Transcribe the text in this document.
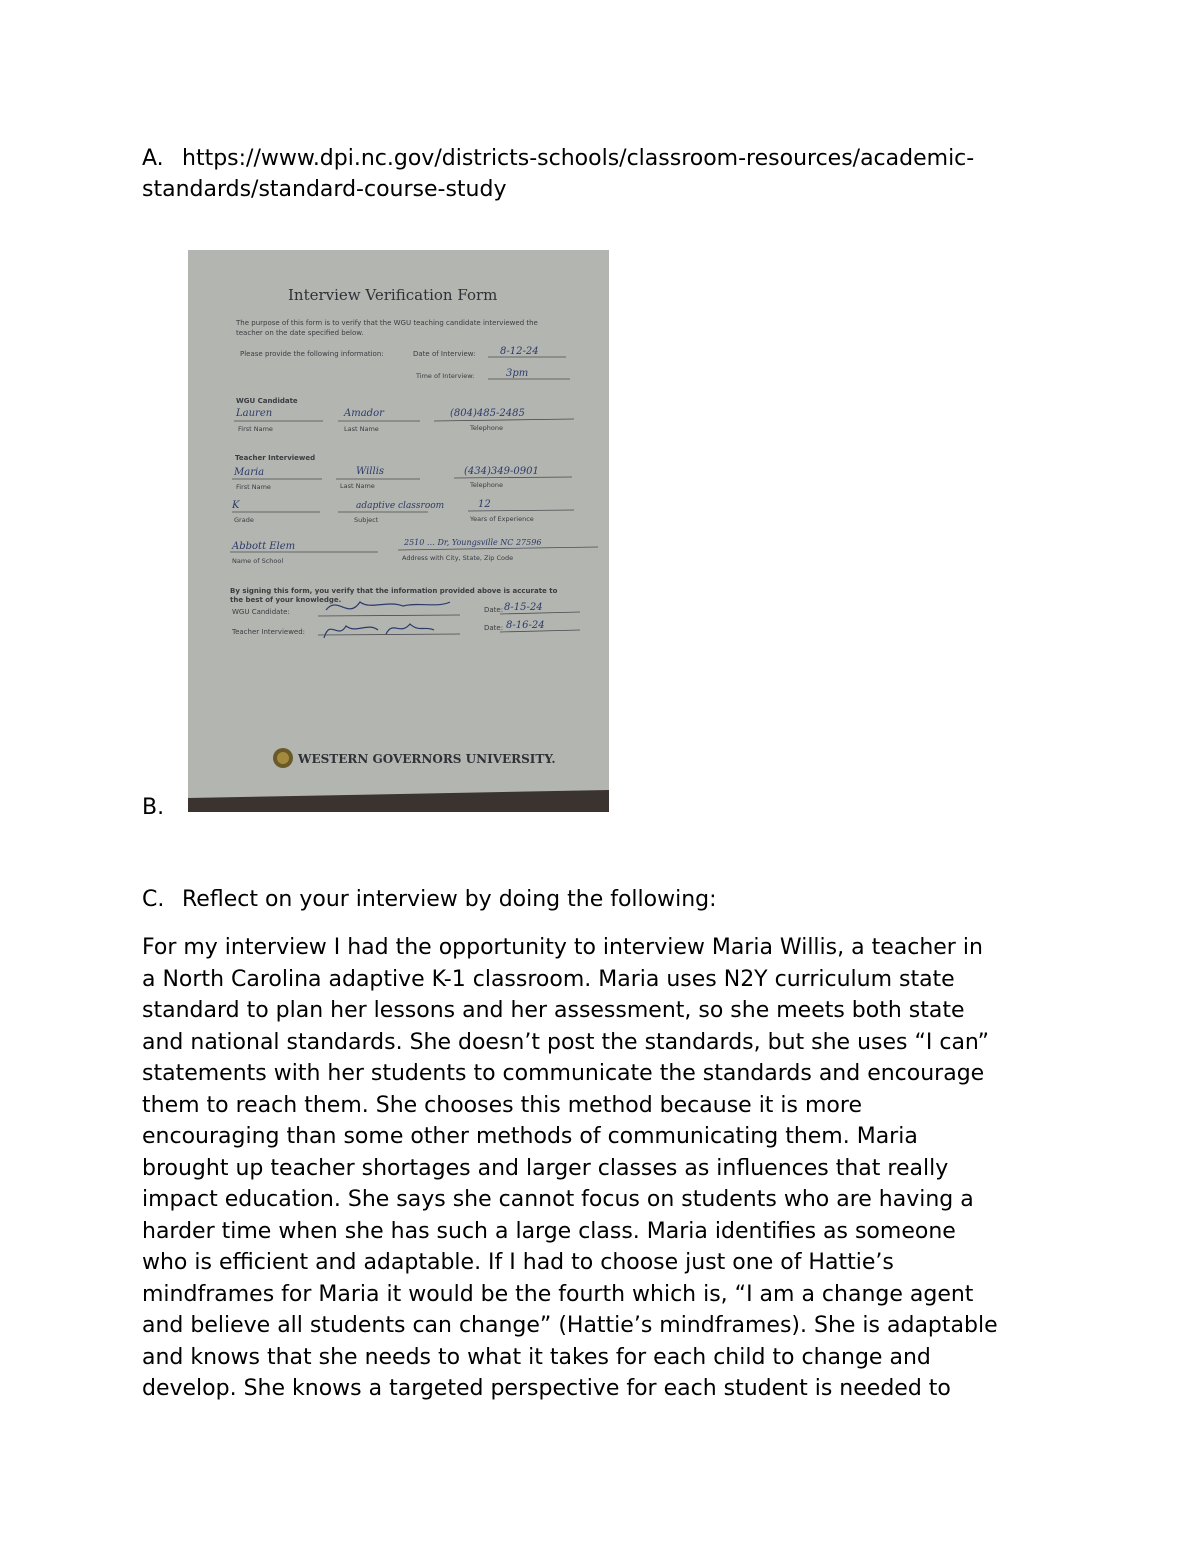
A. https://www.dpi.nc.gov/districts-schools/classroom-resources/academic-
standards/standard-course-study
B.
Interview Verification Form
The purpose of this form is to verify that the WGU teaching candidate interviewed the
teacher on the date specified below.
Please provide the following information:	Date of Interview: 8-12-24
Time of Interview:	3pm
WGU Candidate
Lauren	Amador	(804)485-2485
First Name	Last Name	Telephone
Teacher Interviewed
Maria	Willis	(434)349-0901
First Name	Last Name	Telephone
K	adaptive classroom	12
Grade	Subject	Years of Experience
Abbott Elem	2510 … Dr, Youngsville NC 27596
Name of School	Address with City, State, Zip Code
By signing this form, you verify that the information provided above is accurate to
the best of your knowledge.
WGU Candidate:	Date: 8-15-24
Teacher Interviewed:	Date: 8-16-24
WESTERN GOVERNORS UNIVERSITY.
C. Reflect on your interview by doing the following:

For my interview I had the opportunity to interview Maria Willis, a teacher in

a North Carolina adaptive K-1 classroom. Maria uses N2Y curriculum state

standard to plan her lessons and her assessment, so she meets both state

and national standards. She doesn’t post the standards, but she uses “I can”

statements with her students to communicate the standards and encourage

them to reach them. She chooses this method because it is more

encouraging than some other methods of communicating them. Maria

brought up teacher shortages and larger classes as influences that really

impact education. She says she cannot focus on students who are having a

harder time when she has such a large class. Maria identifies as someone

who is efficient and adaptable. If I had to choose just one of Hattie’s

mindframes for Maria it would be the fourth which is, “I am a change agent

and believe all students can change” (Hattie’s mindframes). She is adaptable

and knows that she needs to what it takes for each child to change and

develop. She knows a targeted perspective for each student is needed to
